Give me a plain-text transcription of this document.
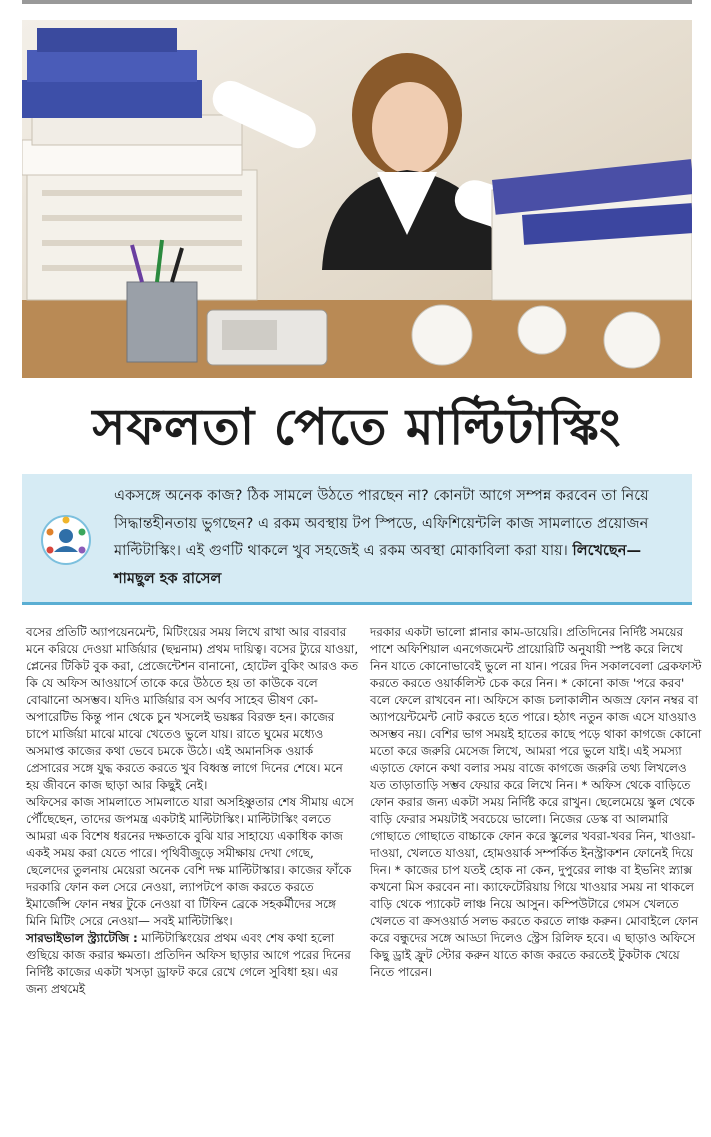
সফলতা পেতে মাল্টিটাস্কিং
একসঙ্গে অনেক কাজ? ঠিক সামলে উঠতে পারছেন না? কোনটা আগে সম্পন্ন করবেন তা নিয়ে সিদ্ধান্তহীনতায় ভুগছেন? এ রকম অবস্থায় টপ স্পিডে, এফিশিয়েন্টলি কাজ সামলাতে প্রয়োজন মাল্টিটাস্কিং। এই গুণটি থাকলে খুব সহজেই এ রকম অবস্থা মোকাবিলা করা যায়। লিখেছেন— শামছুল হক রাসেল

বসের প্রতিটি অ্যাপয়েনমেন্ট, মিটিংয়ের সময় লিখে রাখা আর বারবার মনে করিয়ে দেওয়া মার্জিয়ার (ছদ্মনাম) প্রথম দায়িত্ব। বসের ট্যুরে যাওয়া, প্লেনের টিকিট বুক করা, প্রেজেন্টেশন বানানো, হোটেল বুকিং আরও কত কি যে অফিস আওয়ার্সে তাকে করে উঠতে হয় তা কাউকে বলে বোঝানো অসম্ভব। যদিও মার্জিয়ার বস অর্ণব সাহেব ভীষণ কো-অপারেটিভ কিন্তু পান থেকে চুন খসলেই ভয়ঙ্কর বিরক্ত হন। কাজের চাপে মার্জিয়া মাঝে মাঝে খেতেও ভুলে যায়। রাতে ঘুমের মধ্যেও অসমাপ্ত কাজের কথা ভেবে চমকে উঠে। এই অমানসিক ওয়ার্ক প্রেসারের সঙ্গে যুদ্ধ করতে করতে খুব বিধ্বস্ত লাগে দিনের শেষে। মনে হয় জীবনে কাজ ছাড়া আর কিছুই নেই।

অফিসের কাজ সামলাতে সামলাতে যারা অসহিষ্ণুতার শেষ সীমায় এসে পৌঁছেছেন, তাদের জপমন্ত্র একটাই মাল্টিটাস্কিং। মাল্টিটাস্কিং বলতে আমরা এক বিশেষ ধরনের দক্ষতাকে বুঝি যার সাহায্যে একাধিক কাজ একই সময় করা যেতে পারে। পৃথিবীজুড়ে সমীক্ষায় দেখা গেছে, ছেলেদের তুলনায় মেয়েরা অনেক বেশি দক্ষ মাল্টিটাস্কার। কাজের ফাঁকে দরকারি ফোন কল সেরে নেওয়া, ল্যাপটপে কাজ করতে করতে ইমার্জেন্সি ফোন নম্বর টুকে নেওয়া বা টিফিন ব্রেকে সহকর্মীদের সঙ্গে মিনি মিটিং সেরে নেওয়া— সবই মাল্টিটাস্কিং।

সারভাইভাল স্ট্র্যাটেজি : মাল্টিটাস্কিংয়ের প্রথম এবং শেষ কথা হলো গুছিয়ে কাজ করার ক্ষমতা। প্রতিদিন অফিস ছাড়ার আগে পরের দিনের নির্দিষ্ট কাজের একটা খসড়া ড্রাফট করে রেখে গেলে সুবিধা হয়। এর জন্য প্রথমেই

দরকার একটা ভালো প্লানার কাম-ডায়েরি। প্রতিদিনের নির্দিষ্ট সময়ের পাশে অফিশিয়াল এনগেজমেন্ট প্রায়োরিটি অনুযায়ী স্পষ্ট করে লিখে নিন যাতে কোনোভাবেই ভুলে না যান। পরের দিন সকালবেলা ব্রেকফাস্ট করতে করতে ওয়ার্কলিস্ট চেক করে নিন। * কোনো কাজ 'পরে করব' বলে ফেলে রাখবেন না। অফিসে কাজ চলাকালীন অজস্র ফোন নম্বর বা অ্যাপয়েন্টমেন্ট নোট করতে হতে পারে। হঠাৎ নতুন কাজ এসে যাওয়াও অসম্ভব নয়। বেশির ভাগ সময়ই হাতের কাছে পড়ে থাকা কাগজে কোনো মতো করে জরুরি মেসেজ লিখে, আমরা পরে ভুলে যাই। এই সমস্যা এড়াতে ফোনে কথা বলার সময় বাজে কাগজে জরুরি তথ্য লিখলেও যত তাড়াতাড়ি সম্ভব ফেয়ার করে লিখে নিন। * অফিস থেকে বাড়িতে ফোন করার জন্য একটা সময় নির্দিষ্ট করে রাখুন। ছেলেমেয়ে স্কুল থেকে বাড়ি ফেরার সময়টাই সবচেয়ে ভালো। নিজের ডেস্ক বা আলমারি গোছাতে গোছাতে বাচ্চাকে ফোন করে স্কুলের খবরা-খবর নিন, খাওয়া-দাওয়া, খেলতে যাওয়া, হোমওয়ার্ক সম্পর্কিত ইনস্ট্রাকশন ফোনেই দিয়ে দিন। * কাজের চাপ যতই হোক না কেন, দুপুরের লাঞ্চ বা ইভনিং স্ন্যাক্স কখনো মিস করবেন না। ক্যাফেটেরিয়ায় গিয়ে খাওয়ার সময় না থাকলে বাড়ি থেকে প্যাকেট লাঞ্চ নিয়ে আসুন। কম্পিউটারে গেমস খেলতে খেলতে বা ক্রসওয়ার্ড সলভ করতে করতে লাঞ্চ করুন। মোবাইলে ফোন করে বন্ধুদের সঙ্গে আড্ডা দিলেও স্ট্রেস রিলিফ হবে। এ ছাড়াও অফিসে কিছু ড্রাই ফ্রুট স্টোর করুন যাতে কাজ করতে করতেই টুকটাক খেয়ে নিতে পারেন।
